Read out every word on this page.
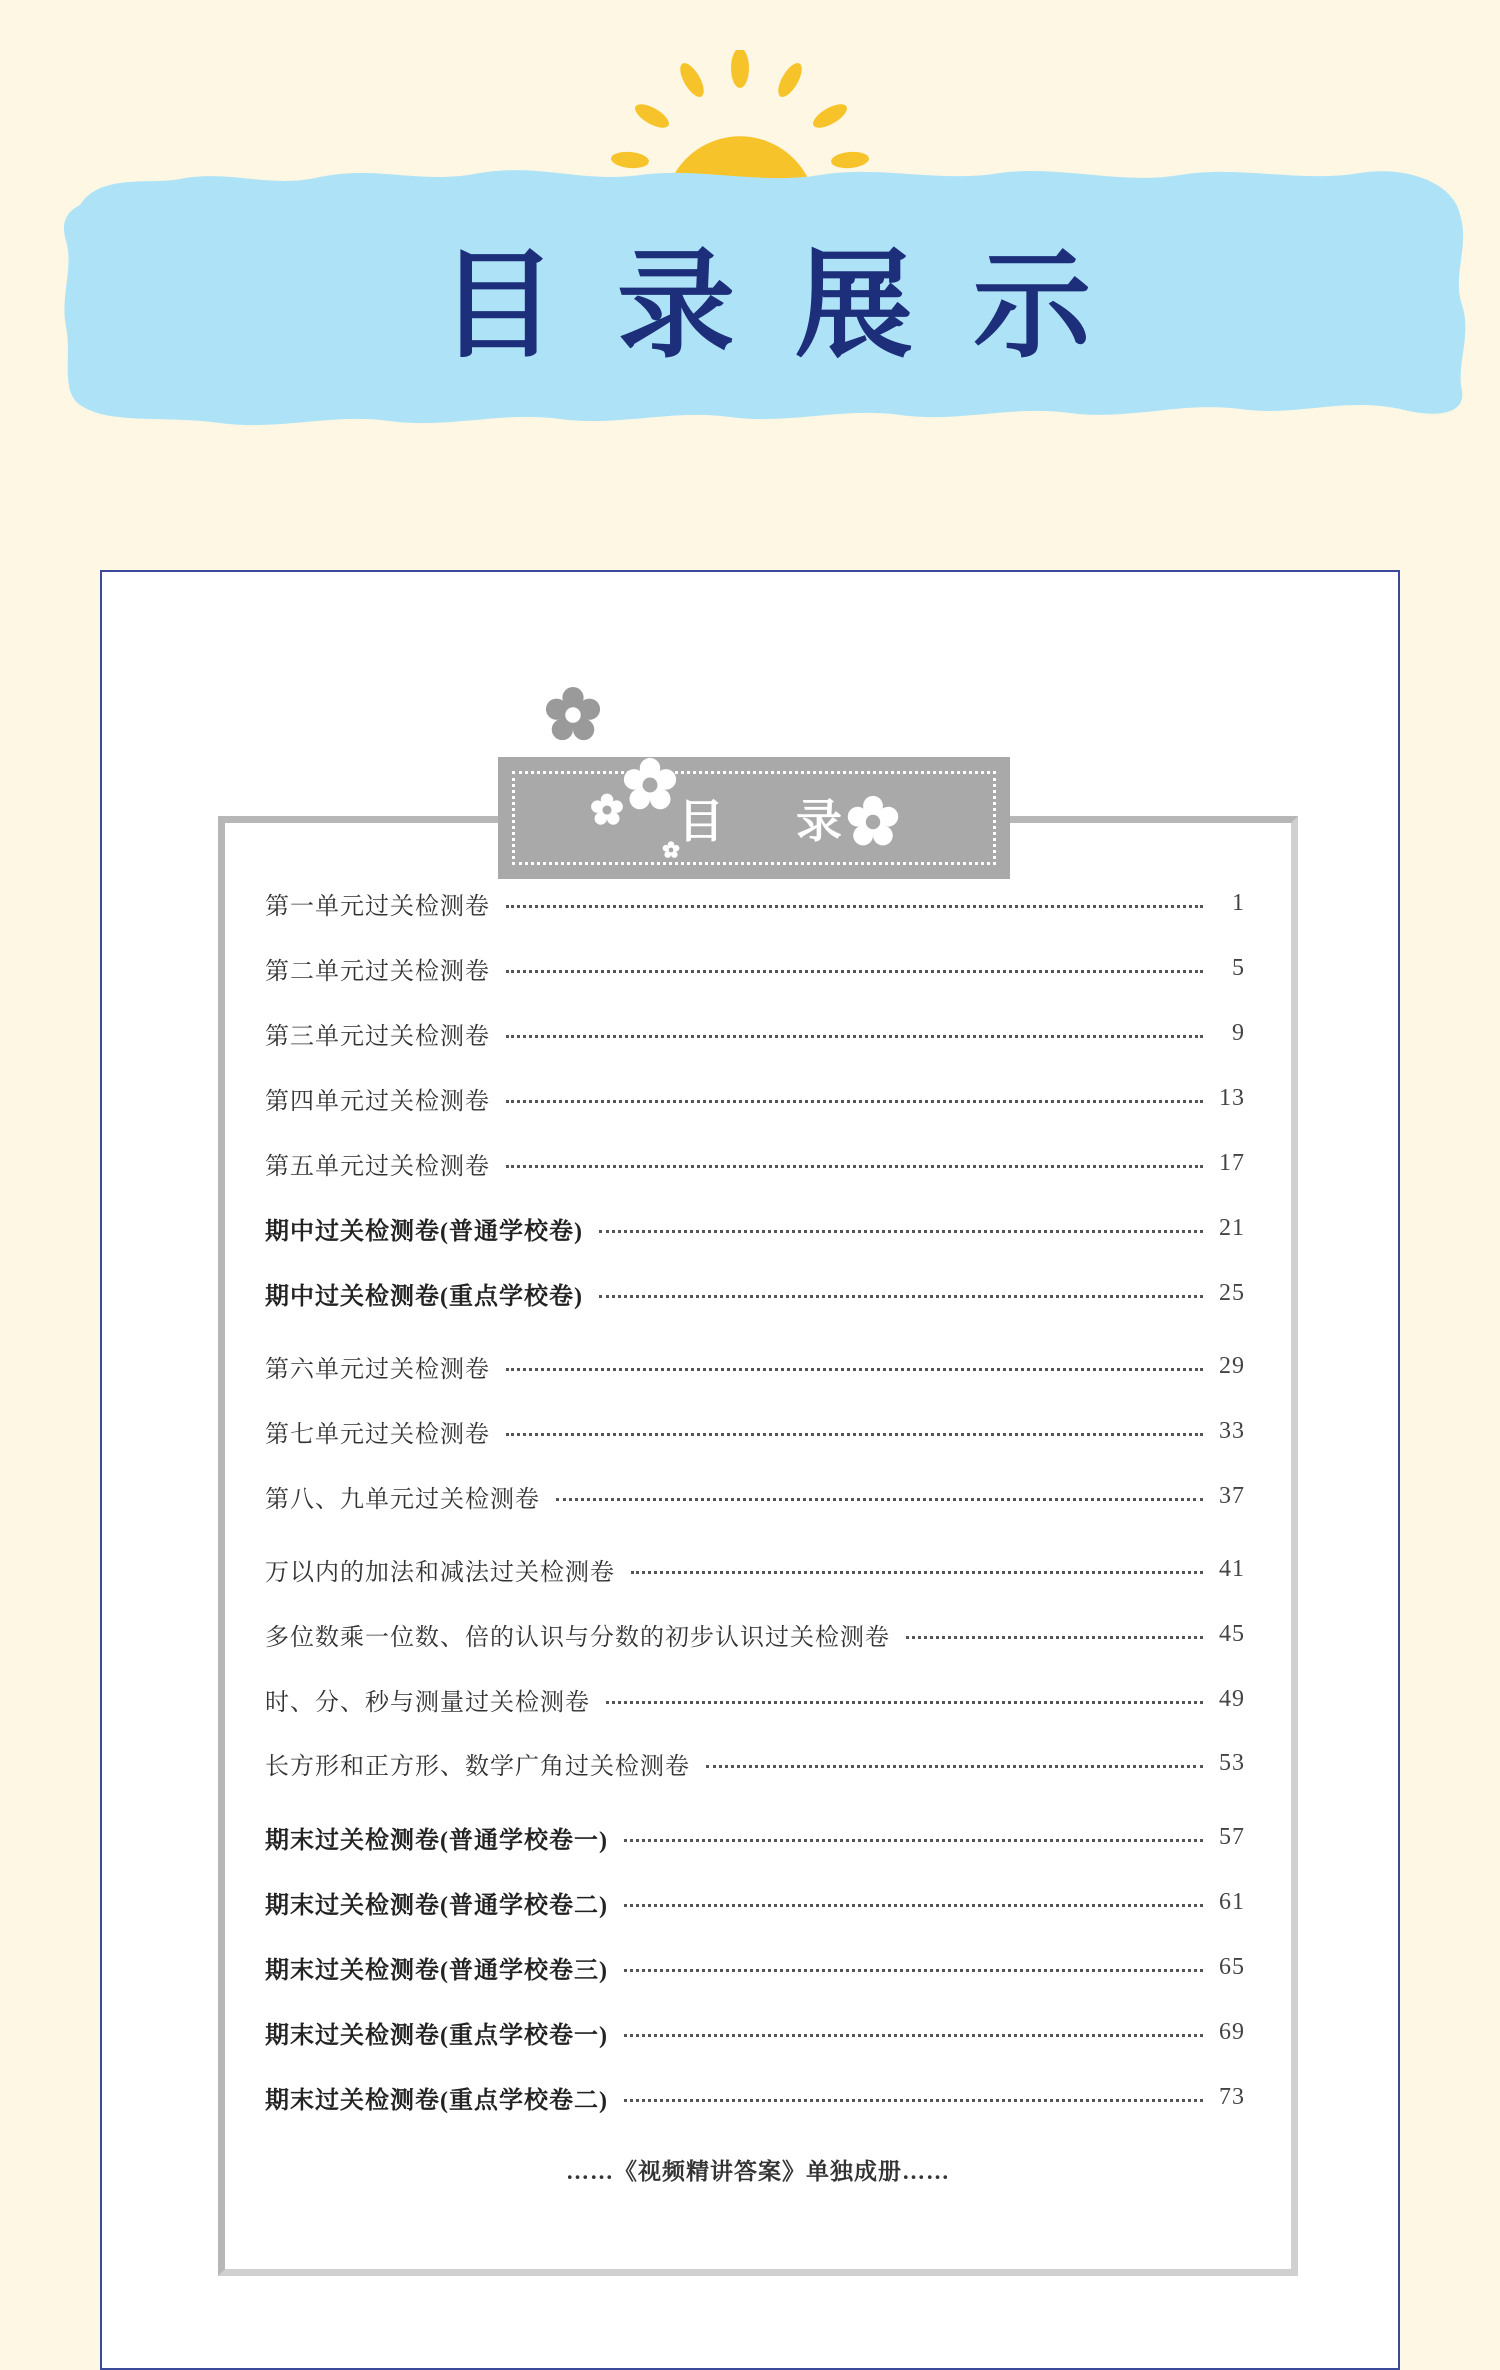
目录展示
第一单元过关检测卷	1
第二单元过关检测卷	5
第三单元过关检测卷	9
第四单元过关检测卷	13
第五单元过关检测卷	17
期中过关检测卷(普通学校卷)	21
期中过关检测卷(重点学校卷)	25
第六单元过关检测卷	29
第七单元过关检测卷	33
第八、九单元过关检测卷	37
万以内的加法和减法过关检测卷	41
多位数乘一位数、倍的认识与分数的初步认识过关检测卷	45
时、分、秒与测量过关检测卷	49
长方形和正方形、数学广角过关检测卷	53
期末过关检测卷(普通学校卷一)	57
期末过关检测卷(普通学校卷二)	61
期末过关检测卷(普通学校卷三)	65
期末过关检测卷(重点学校卷一)	69
期末过关检测卷(重点学校卷二)	73
……《视频精讲答案》单独成册……
目 录
